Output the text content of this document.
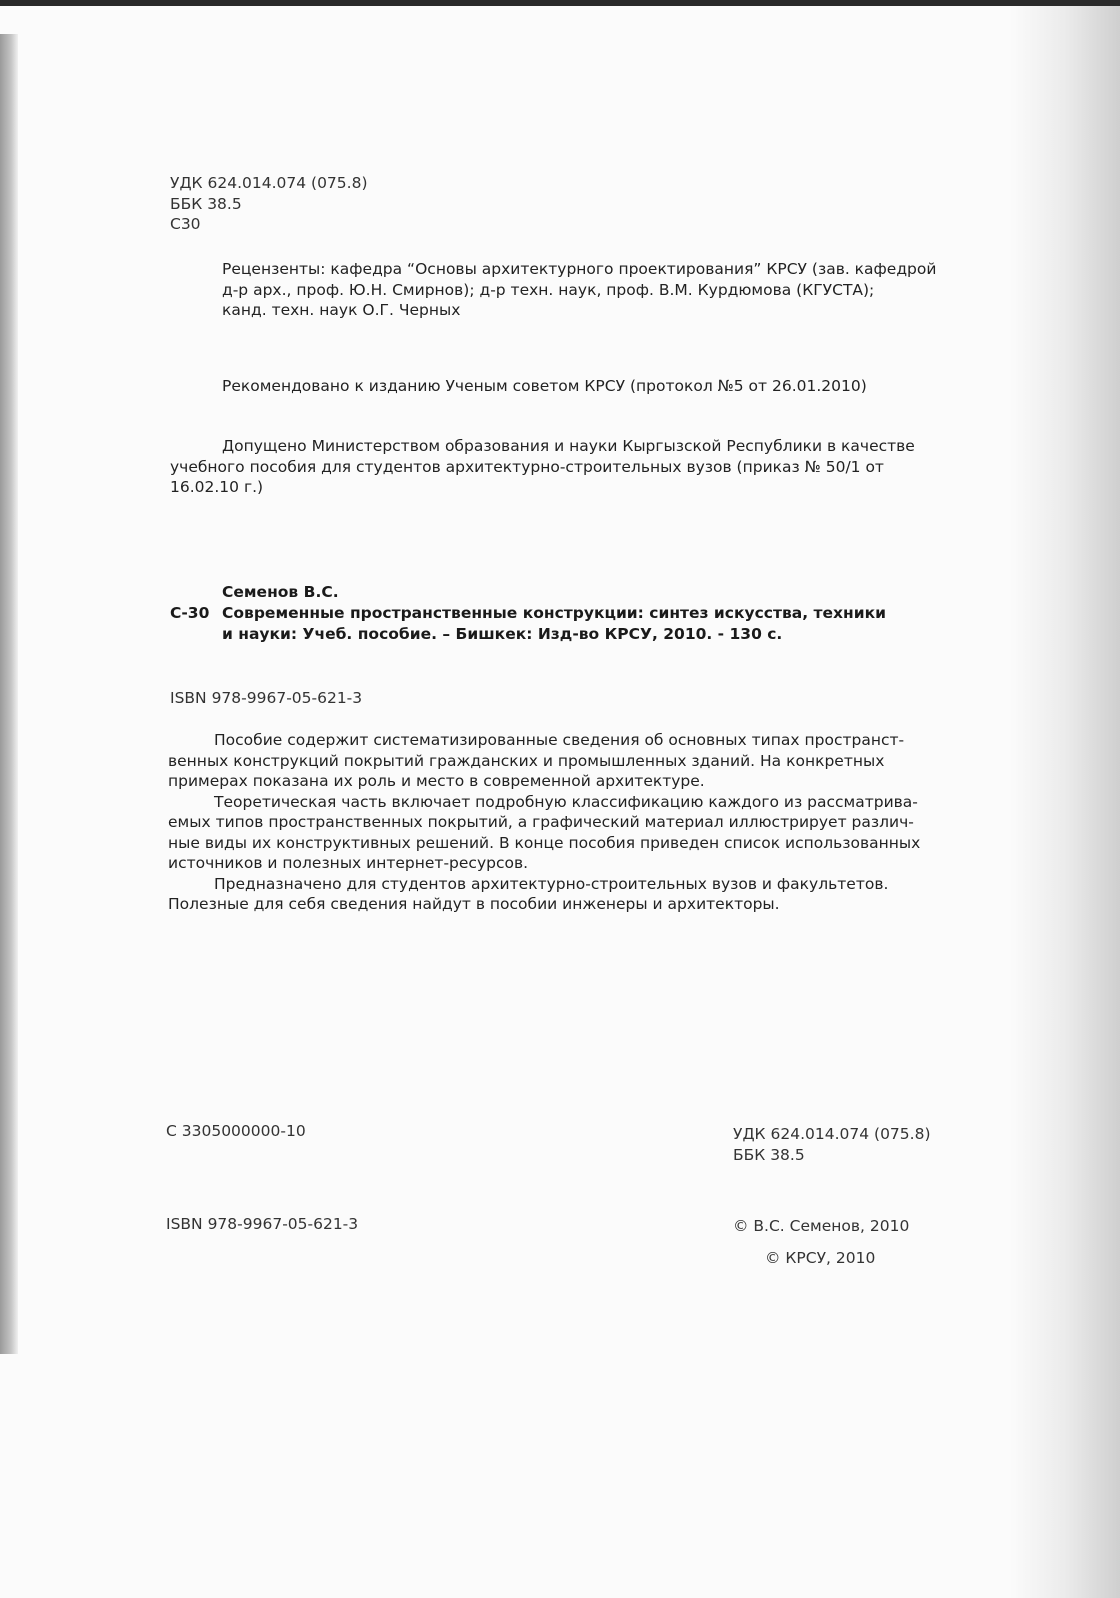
УДК 624.014.074 (075.8)
ББК 38.5
С30
Рецензенты: кафедра “Основы архитектурного проектирования” КРСУ (зав. кафедрой
д-р арх., проф. Ю.Н. Смирнов); д-р техн. наук, проф. В.М. Курдюмова (КГУСТА);
канд. техн. наук О.Г. Черных
Рекомендовано к изданию Ученым советом КРСУ (протокол №5 от 26.01.2010)
Допущено Министерством образования и науки Кыргызской Республики в качестве
учебного пособия для студентов архитектурно-строительных вузов (приказ № 50/1 от
16.02.10 г.)
Семенов В.С.
С-30 Современные пространственные конструкции: синтез искусства, техники
и науки: Учеб. пособие. – Бишкек: Изд-во КРСУ, 2010. - 130 с.
ISBN 978-9967-05-621-3
Пособие содержит систематизированные сведения об основных типах пространст-
венных конструкций покрытий гражданских и промышленных зданий. На конкретных
примерах показана их роль и место в современной архитектуре.
Теоретическая часть включает подробную классификацию каждого из рассматрива-
емых типов пространственных покрытий, а графический материал иллюстрирует различ-
ные виды их конструктивных решений. В конце пособия приведен список использованных
источников и полезных интернет-ресурсов.
Предназначено для студентов архитектурно-строительных вузов и факультетов.
Полезные для себя сведения найдут в пособии инженеры и архитекторы.
С 3305000000-10	УДК 624.014.074 (075.8)
ББК 38.5
ISBN 978-9967-05-621-3	© В.С. Семенов, 2010
© КРСУ, 2010
